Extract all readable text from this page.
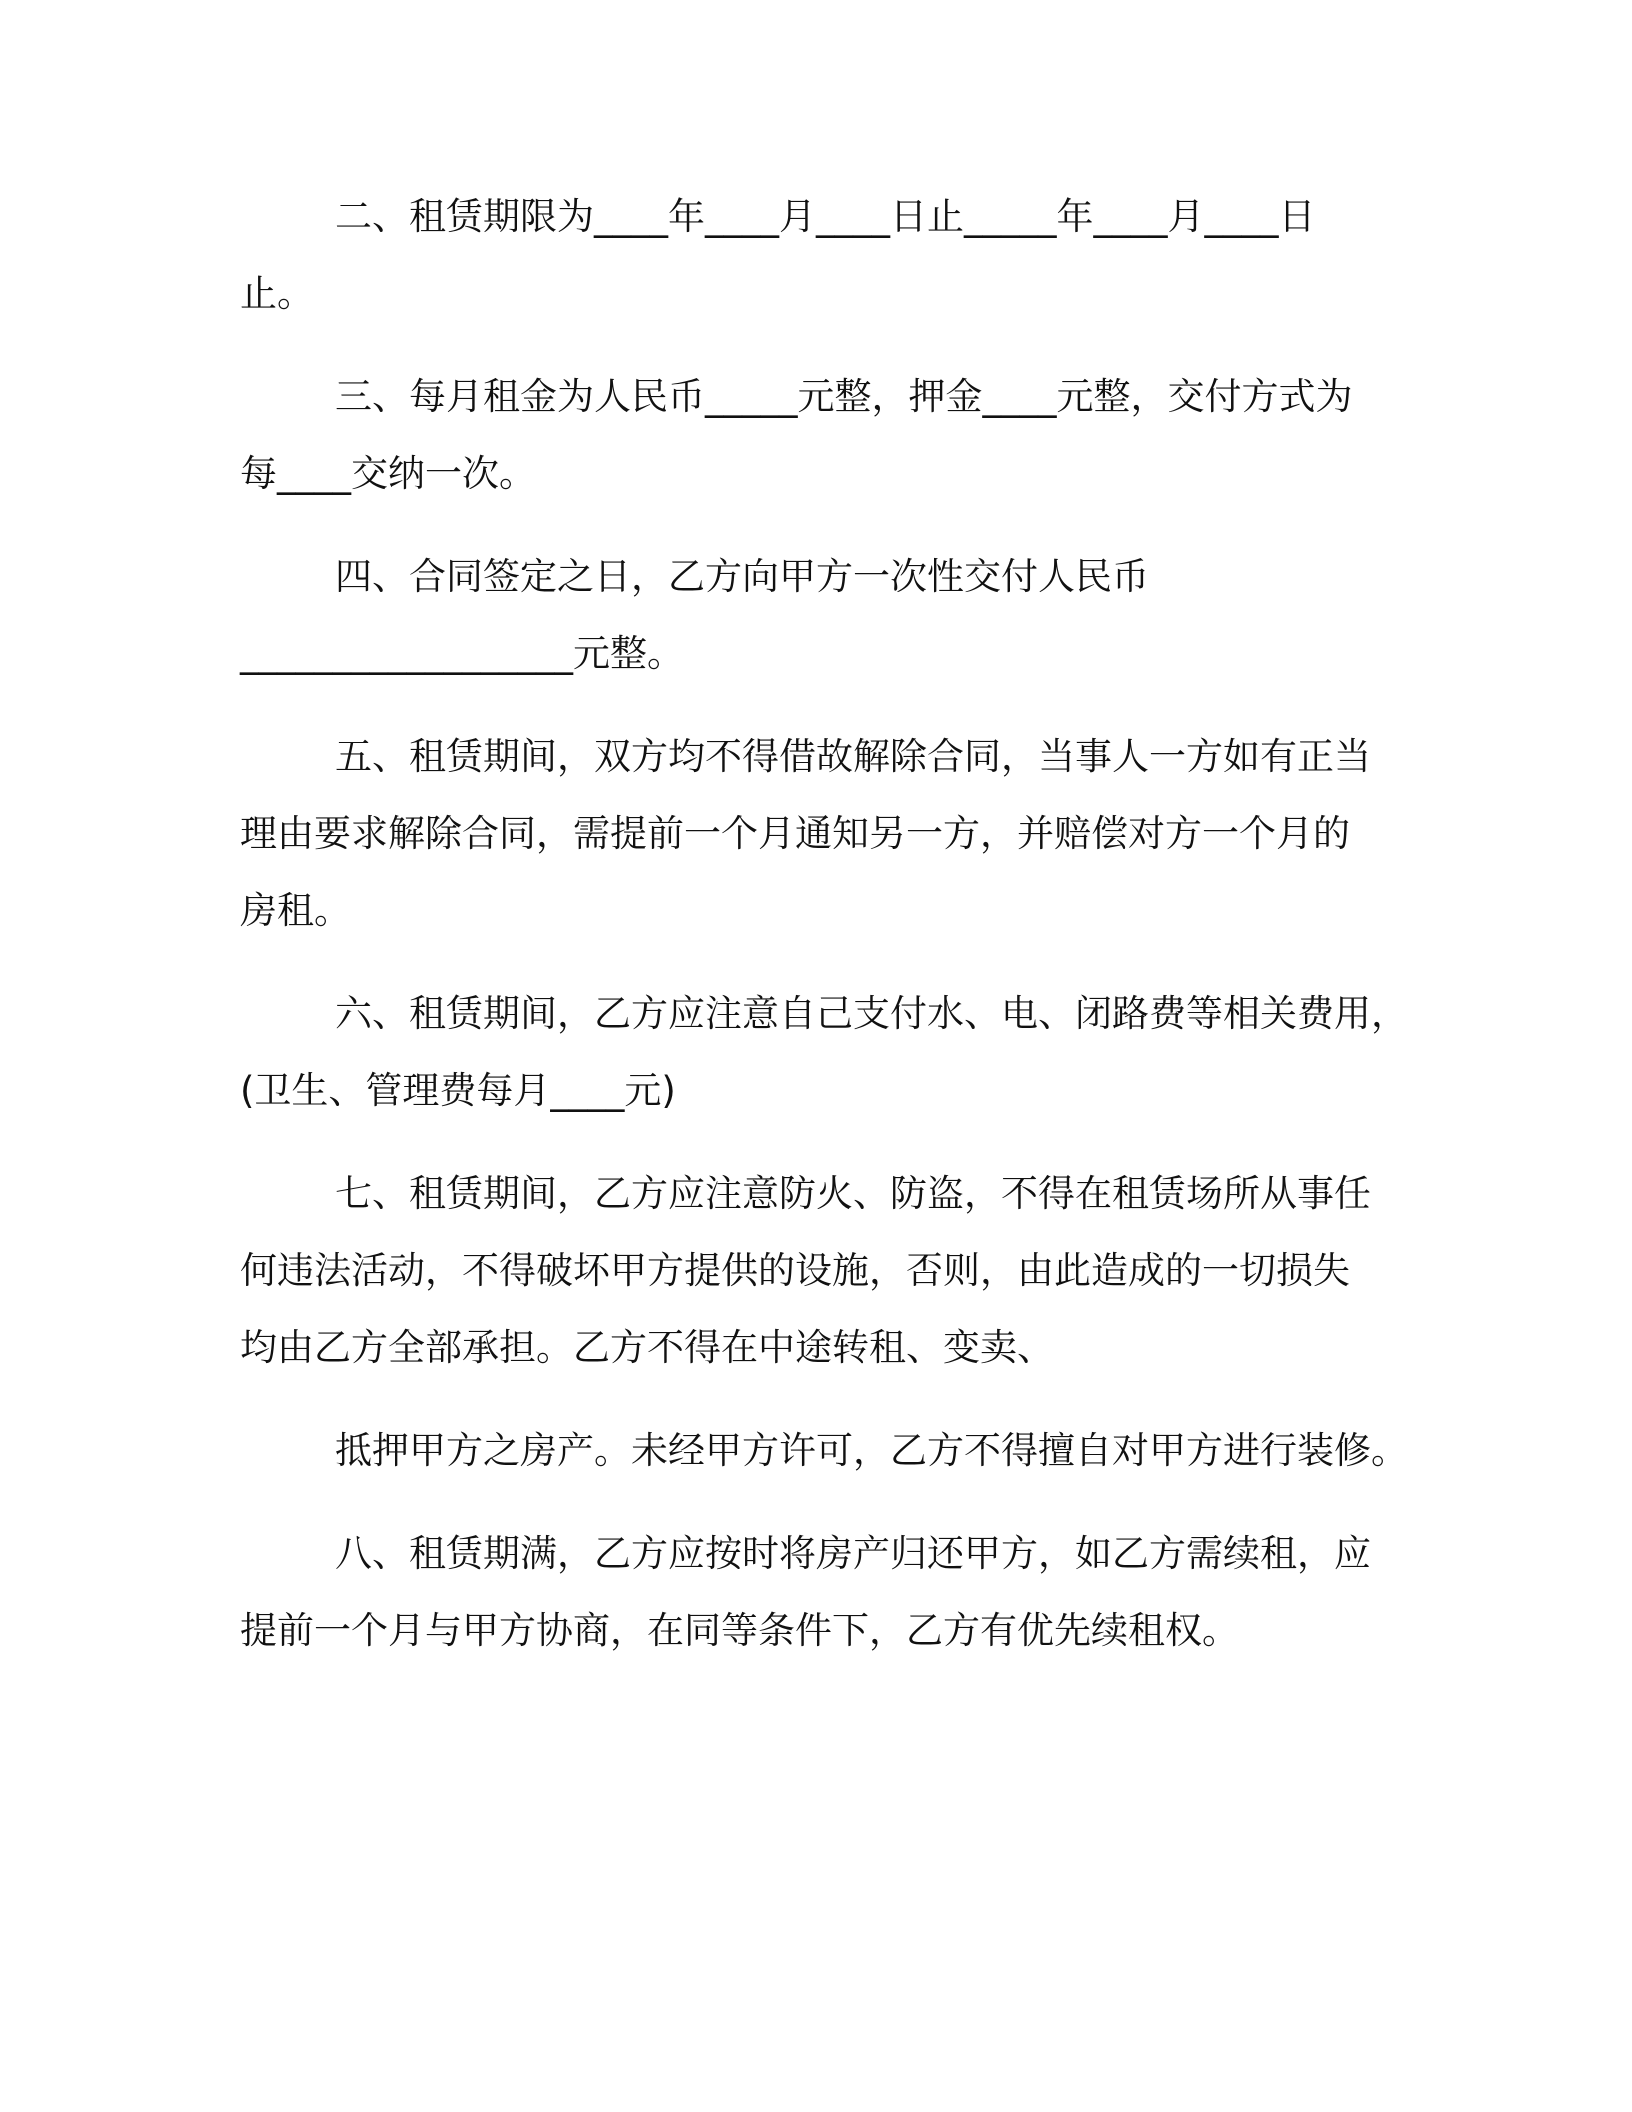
二、租赁期限为____年____月____日止_____年____月____日
止。
三、每月租金为人民币_____元整，押金____元整，交付方式为
每____交纳一次。
四、合同签定之日，乙方向甲方一次性交付人民币
__________________元整。
五、租赁期间，双方均不得借故解除合同，当事人一方如有正当
理由要求解除合同，需提前一个月通知另一方，并赔偿对方一个月的
房租。
六、租赁期间，乙方应注意自己支付水、电、闭路费等相关费用，
(卫生、管理费每月____元)
七、租赁期间，乙方应注意防火、防盗，不得在租赁场所从事任
何违法活动，不得破坏甲方提供的设施，否则，由此造成的一切损失
均由乙方全部承担。乙方不得在中途转租、变卖、
抵押甲方之房产。未经甲方许可，乙方不得擅自对甲方进行装修。
八、租赁期满，乙方应按时将房产归还甲方，如乙方需续租，应
提前一个月与甲方协商，在同等条件下，乙方有优先续租权。
